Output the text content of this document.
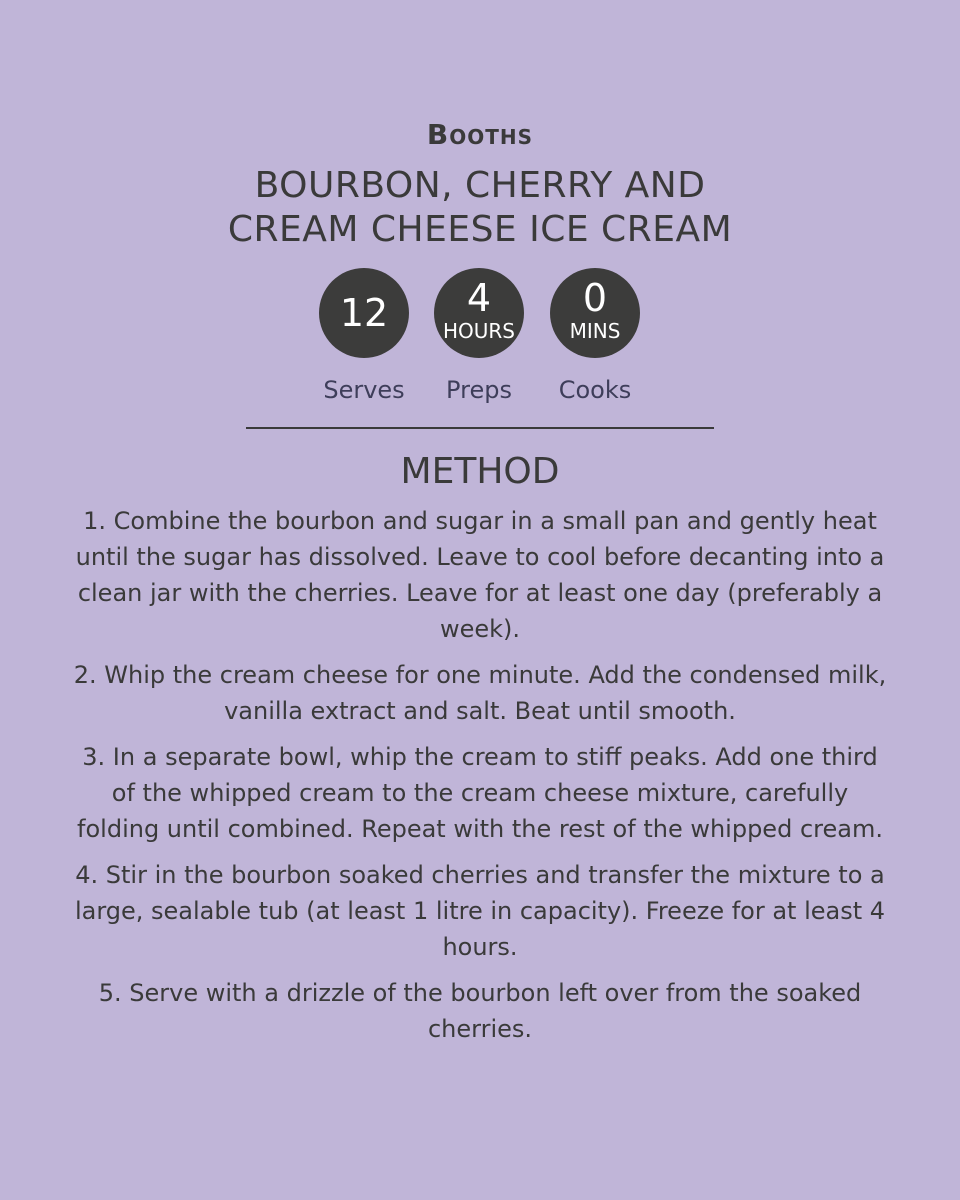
Booths
BOURBON, CHERRY AND
CREAM CHEESE ICE CREAM
12
Serves
4
HOURS
Preps
0
MINS
Cooks
METHOD
1. Combine the bourbon and sugar in a small pan and gently heat until the sugar has dissolved. Leave to cool before decanting into a clean jar with the cherries. Leave for at least one day (preferably a week).
2. Whip the cream cheese for one minute. Add the condensed milk, vanilla extract and salt. Beat until smooth.
3. In a separate bowl, whip the cream to stiff peaks. Add one third of the whipped cream to the cream cheese mixture, carefully folding until combined. Repeat with the rest of the whipped cream.
4. Stir in the bourbon soaked cherries and transfer the mixture to a large, sealable tub (at least 1 litre in capacity). Freeze for at least 4 hours.
5. Serve with a drizzle of the bourbon left over from the soaked cherries.
